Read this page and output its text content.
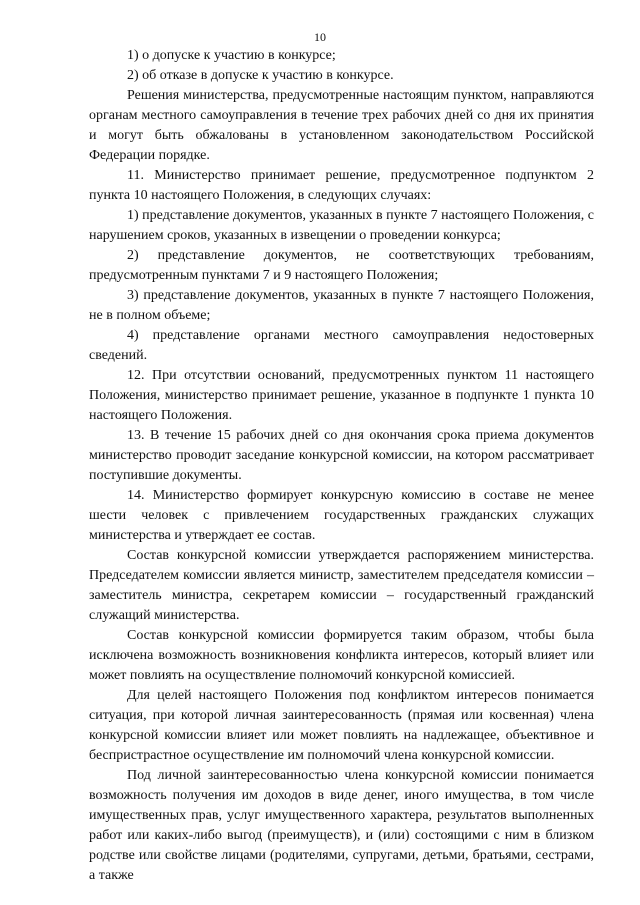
10

1) о допуске к участию в конкурсе;

2) об отказе в допуске к участию в конкурсе.

Решения министерства, предусмотренные настоящим пунктом, направляются органам местного самоуправления в течение трех рабочих дней со дня их принятия и могут быть обжалованы в установленном законодательством Российской Федерации порядке.

11. Министерство принимает решение, предусмотренное подпунктом 2 пункта 10 настоящего Положения, в следующих случаях:

1) представление документов, указанных в пункте 7 настоящего Положения, с нарушением сроков, указанных в извещении о проведении конкурса;

2) представление документов, не соответствующих требованиям, предусмотренным пунктами 7 и 9 настоящего Положения;

3) представление документов, указанных в пункте 7 настоящего Положения, не в полном объеме;

4) представление органами местного самоуправления недостоверных сведений.

12. При отсутствии оснований, предусмотренных пунктом 11 настоящего Положения, министерство принимает решение, указанное в подпункте 1 пункта 10 настоящего Положения.

13. В течение 15 рабочих дней со дня окончания срока приема документов министерство проводит заседание конкурсной комиссии, на котором рассматривает поступившие документы.

14. Министерство формирует конкурсную комиссию в составе не менее шести человек с привлечением государственных гражданских служащих министерства и утверждает ее состав.

Состав конкурсной комиссии утверждается распоряжением министерства. Председателем комиссии является министр, заместителем председателя комиссии – заместитель министра, секретарем комиссии – государственный гражданский служащий министерства.

Состав конкурсной комиссии формируется таким образом, чтобы была исключена возможность возникновения конфликта интересов, который влияет или может повлиять на осуществление полномочий конкурсной комиссией.

Для целей настоящего Положения под конфликтом интересов понимается ситуация, при которой личная заинтересованность (прямая или косвенная) члена конкурсной комиссии влияет или может повлиять на надлежащее, объективное и беспристрастное осуществление им полномочий члена конкурсной комиссии.

Под личной заинтересованностью члена конкурсной комиссии понимается возможность получения им доходов в виде денег, иного имущества, в том числе имущественных прав, услуг имущественного характера, результатов выполненных работ или каких-либо выгод (преимуществ), и (или) состоящими с ним в близком родстве или свойстве лицами (родителями, супругами, детьми, братьями, сестрами, а также
